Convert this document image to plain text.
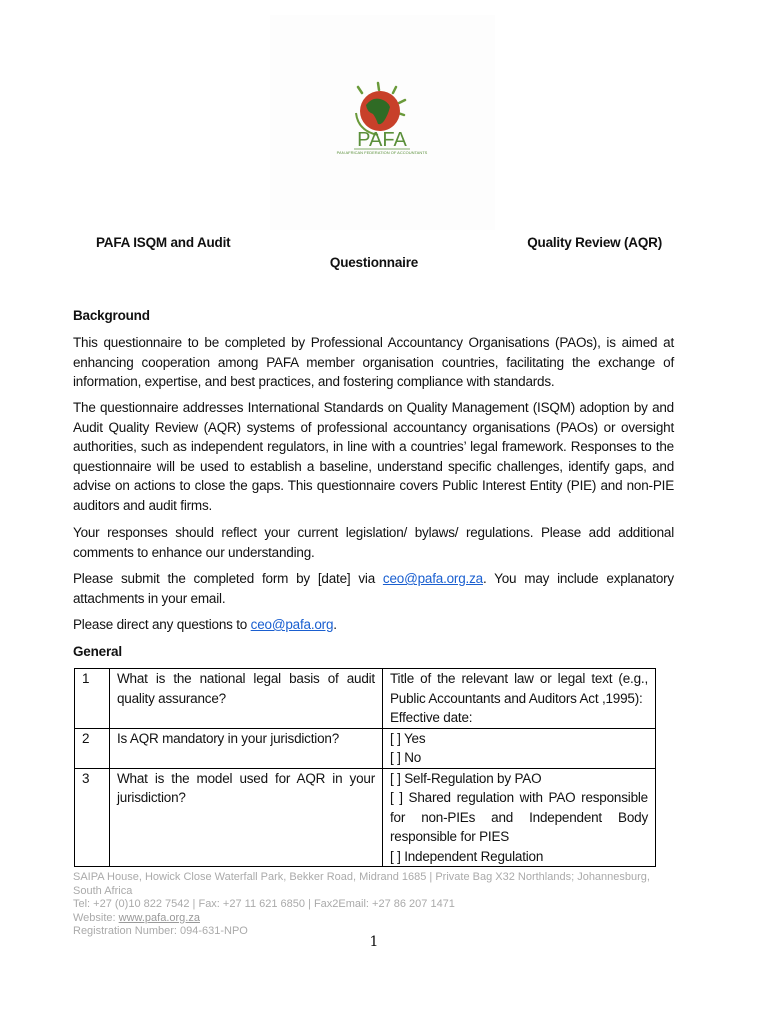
PAFA
PAN AFRICAN FEDERATION OF ACCOUNTANTS
PAFA ISQM and Audit	Quality Review (AQR)
Questionnaire
Background
This questionnaire to be completed by Professional Accountancy Organisations (PAOs), is aimed at enhancing cooperation among PAFA member organisation countries, facilitating the exchange of information, expertise, and best practices, and fostering compliance with standards.
The questionnaire addresses International Standards on Quality Management (ISQM) adoption by and Audit Quality Review (AQR) systems of professional accountancy organisations (PAOs) or oversight authorities, such as independent regulators, in line with a countries’ legal framework. Responses to the questionnaire will be used to establish a baseline, understand specific challenges, identify gaps, and advise on actions to close the gaps. This questionnaire covers Public Interest Entity (PIE) and non-PIE auditors and audit firms.
Your responses should reflect your current legislation/ bylaws/ regulations. Please add additional comments to enhance our understanding.
Please submit the completed form by [date] via ceo@pafa.org.za. You may include explanatory attachments in your email.
Please direct any questions to ceo@pafa.org.
General
1	What is the national legal basis of audit quality assurance?	Title of the relevant law or legal text (e.g., Public Accountants and Auditors Act ,1995):
Effective date:

2	Is AQR mandatory in your jurisdiction?	[ ] Yes
[ ] No

3	What is the model used for AQR in your jurisdiction?	[ ] Self-Regulation by PAO
[ ] Shared regulation with PAO responsible for non-PIEs and Independent Body responsible for PIES
[ ] Independent Regulation
SAIPA House, Howick Close Waterfall Park, Bekker Road, Midrand 1685 | Private Bag X32 Northlands; Johannesburg, South Africa
Tel: +27 (0)10 822 7542 | Fax: +27 11 621 6850 | Fax2Email: +27 86 207 1471
Website: www.pafa.org.za
Registration Number: 094-631-NPO
1
